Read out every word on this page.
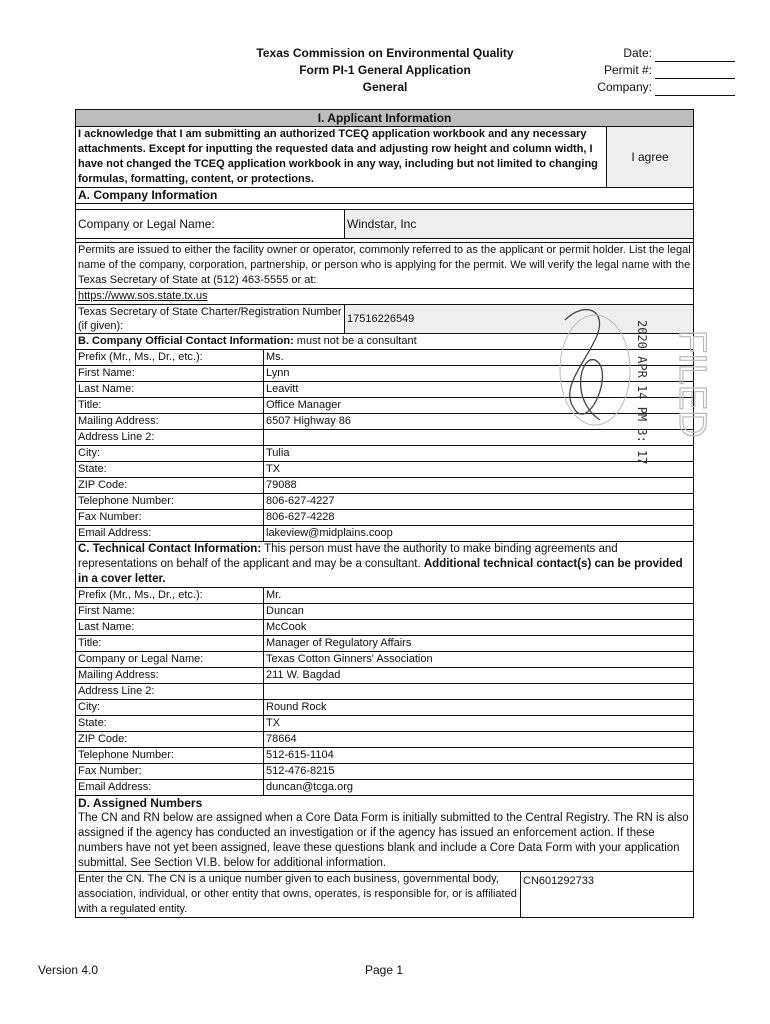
Texas Commission on Environmental Quality
Form PI-1 General Application
General
Date:
Permit #:
Company:
I. Applicant Information
I acknowledge that I am submitting an authorized TCEQ application workbook and any necessary attachments. Except for inputting the requested data and adjusting row height and column width, I have not changed the TCEQ application workbook in any way, including but not limited to changing formulas, formatting, content, or protections.
I agree
A. Company Information
Company or Legal Name:	Windstar, Inc
Permits are issued to either the facility owner or operator, commonly referred to as the applicant or permit holder. List the legal name of the company, corporation, partnership, or person who is applying for the permit. We will verify the legal name with the Texas Secretary of State at (512) 463-5555 or at:
https://www.sos.state.tx.us
Texas Secretary of State Charter/Registration Number (if given):
17516226549
B. Company Official Contact Information: must not be a consultant
Prefix (Mr., Ms., Dr., etc.):	Ms.
First Name:	Lynn
Last Name:	Leavitt
Title:	Office Manager
Mailing Address:	6507 Highway 86
Address Line 2:
City:	Tulia
State:	TX
ZIP Code:	79088
Telephone Number:	806-627-4227
Fax Number:	806-627-4228
Email Address:	lakeview@midplains.coop
C. Technical Contact Information: This person must have the authority to make binding agreements and representations on behalf of the applicant and may be a consultant. Additional technical contact(s) can be provided in a cover letter.
Prefix (Mr., Ms., Dr., etc.):	Mr.
First Name:	Duncan
Last Name:	McCook
Title:	Manager of Regulatory Affairs
Company or Legal Name:	Texas Cotton Ginners' Association
Mailing Address:	211 W. Bagdad
Address Line 2:
City:	Round Rock
State:	TX
ZIP Code:	78664
Telephone Number:	512-615-1104
Fax Number:	512-476-8215
Email Address:	duncan@tcga.org
D. Assigned Numbers
The CN and RN below are assigned when a Core Data Form is initially submitted to the Central Registry. The RN is also assigned if the agency has conducted an investigation or if the agency has issued an enforcement action. If these numbers have not yet been assigned, leave these questions blank and include a Core Data Form with your application submittal. See Section VI.B. below for additional information.
Enter the CN. The CN is a unique number given to each business, governmental body, association, individual, or other entity that owns, operates, is responsible for, or is affiliated with a regulated entity.
CN601292733
2020 APR 14 PM 3: 17 FILED
Version 4.0	Page 1
